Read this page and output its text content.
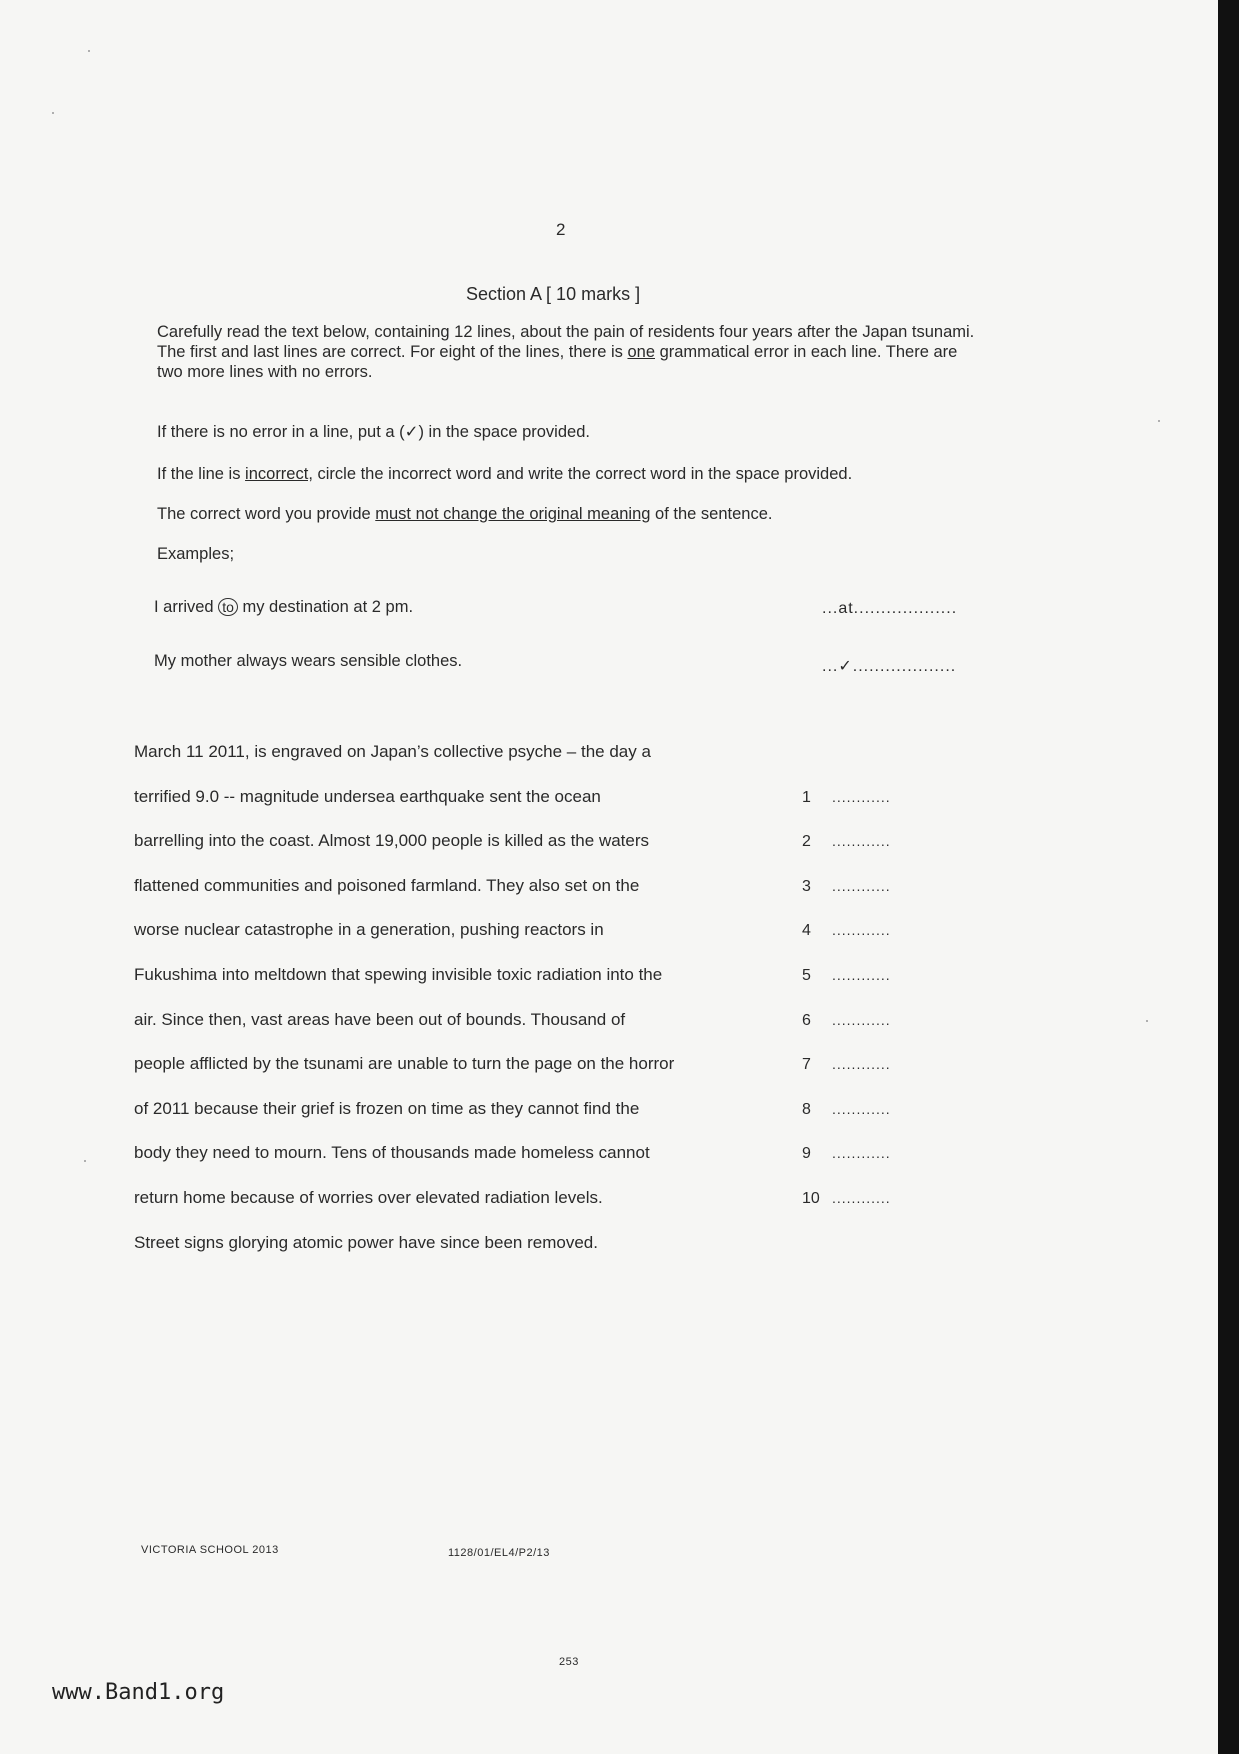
2
Section A [ 10 marks ]
Carefully read the text below, containing 12 lines, about the pain of residents four years after the Japan tsunami. The first and last lines are correct. For eight of the lines, there is one grammatical error in each line. There are two more lines with no errors.
If there is no error in a line, put a (✓) in the space provided.
If the line is incorrect, circle the incorrect word and write the correct word in the space provided.
The correct word you provide must not change the original meaning of the sentence.
Examples;
I arrived to my destination at 2 pm.	...at...................
My mother always wears sensible clothes.	...✓...................
March 11 2011, is engraved on Japan’s collective psyche – the day a
terrified 9.0 -- magnitude undersea earthquake sent the ocean	1 ............
barrelling into the coast. Almost 19,000 people is killed as the waters	2 ............
flattened communities and poisoned farmland. They also set on the	3 ............
worse nuclear catastrophe in a generation, pushing reactors in	4 ............
Fukushima into meltdown that spewing invisible toxic radiation into the	5 ............
air. Since then, vast areas have been out of bounds. Thousand of	6 ............
people afflicted by the tsunami are unable to turn the page on the horror	7 ............
of 2011 because their grief is frozen on time as they cannot find the	8 ............
body they need to mourn. Tens of thousands made homeless cannot	9 ............
return home because of worries over elevated radiation levels.	10 ............
Street signs glorying atomic power have since been removed.
VICTORIA SCHOOL 2013	1128/01/EL4/P2/13
253
www.Band1.org
